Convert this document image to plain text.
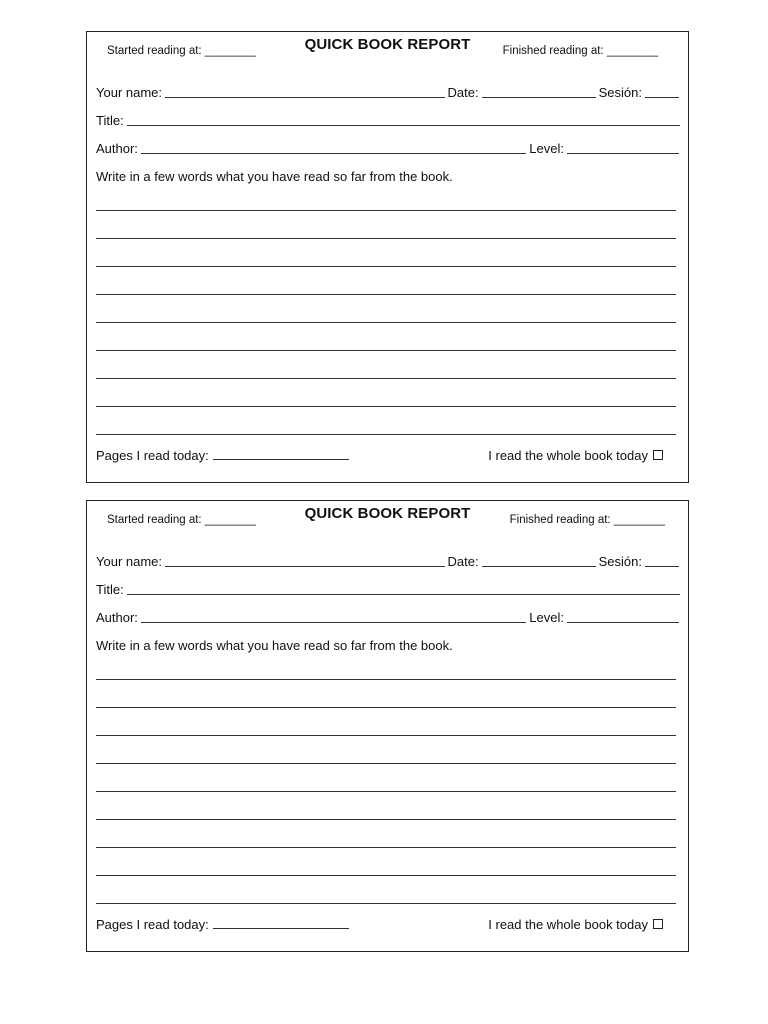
Started reading at: ________	QUICK BOOK REPORT	Finished reading at: ________
Your name:	Date:	Sesión:
Title:
Author:	Level:
Write in a few words what you have read so far from the book.
Pages I read today:	I read the whole book today
Started reading at: ________	QUICK BOOK REPORT	Finished reading at: ________
Your name:	Date:	Sesión:
Title:
Author:	Level:
Write in a few words what you have read so far from the book.
Pages I read today:	I read the whole book today
